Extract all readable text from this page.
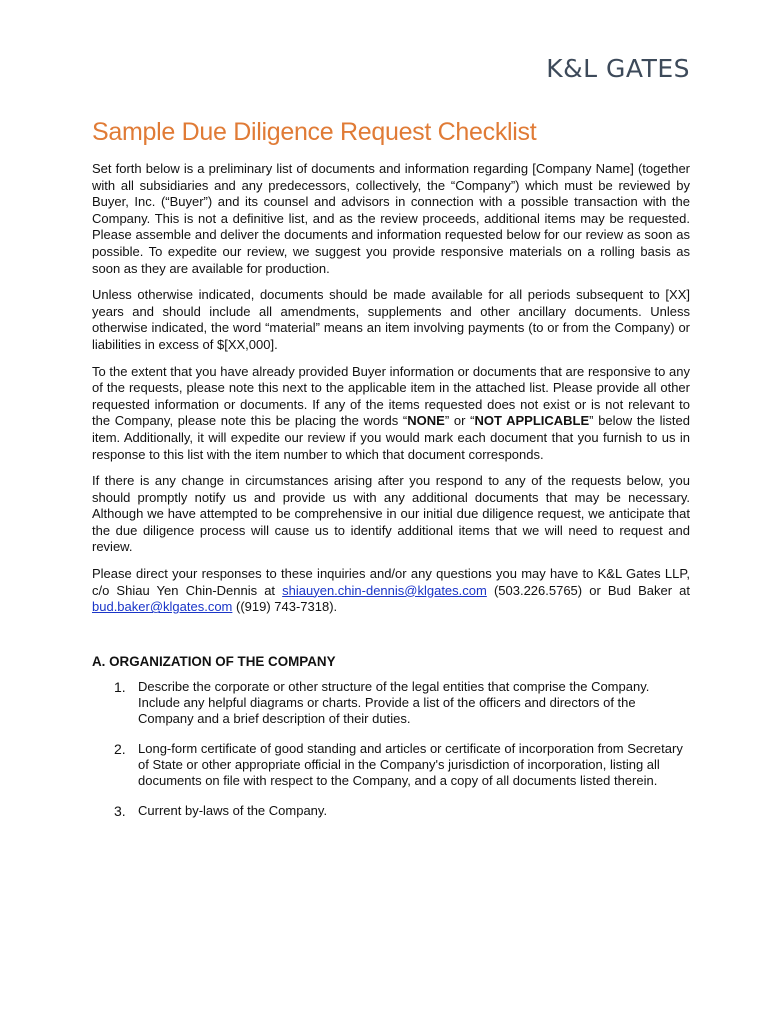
K&L GATES
Sample Due Diligence Request Checklist

Set forth below is a preliminary list of documents and information regarding [Company Name] (together with all subsidiaries and any predecessors, collectively, the “Company”) which must be reviewed by Buyer, Inc. (“Buyer”) and its counsel and advisors in connection with a possible transaction with the Company. This is not a definitive list, and as the review proceeds, additional items may be requested. Please assemble and deliver the documents and information requested below for our review as soon as possible. To expedite our review, we suggest you provide responsive materials on a rolling basis as soon as they are available for production.

Unless otherwise indicated, documents should be made available for all periods subsequent to [XX] years and should include all amendments, supplements and other ancillary documents. Unless otherwise indicated, the word “material” means an item involving payments (to or from the Company) or liabilities in excess of $[XX,000].

To the extent that you have already provided Buyer information or documents that are responsive to any of the requests, please note this next to the applicable item in the attached list. Please provide all other requested information or documents. If any of the items requested does not exist or is not relevant to the Company, please note this be placing the words “NONE” or “NOT APPLICABLE” below the listed item. Additionally, it will expedite our review if you would mark each document that you furnish to us in response to this list with the item number to which that document corresponds.

If there is any change in circumstances arising after you respond to any of the requests below, you should promptly notify us and provide us with any additional documents that may be necessary. Although we have attempted to be comprehensive in our initial due diligence request, we anticipate that the due diligence process will cause us to identify additional items that we will need to request and review.

Please direct your responses to these inquiries and/or any questions you may have to K&L Gates LLP, c/o Shiau Yen Chin-Dennis at shiauyen.chin-dennis@klgates.com (503.226.5765) or Bud Baker at bud.baker@klgates.com ((919) 743-7318).

A. ORGANIZATION OF THE COMPANY
1. Describe the corporate or other structure of the legal entities that comprise the Company. Include any helpful diagrams or charts. Provide a list of the officers and directors of the Company and a brief description of their duties.
2. Long-form certificate of good standing and articles or certificate of incorporation from Secretary of State or other appropriate official in the Company's jurisdiction of incorporation, listing all documents on file with respect to the Company, and a copy of all documents listed therein.
3. Current by-laws of the Company.
